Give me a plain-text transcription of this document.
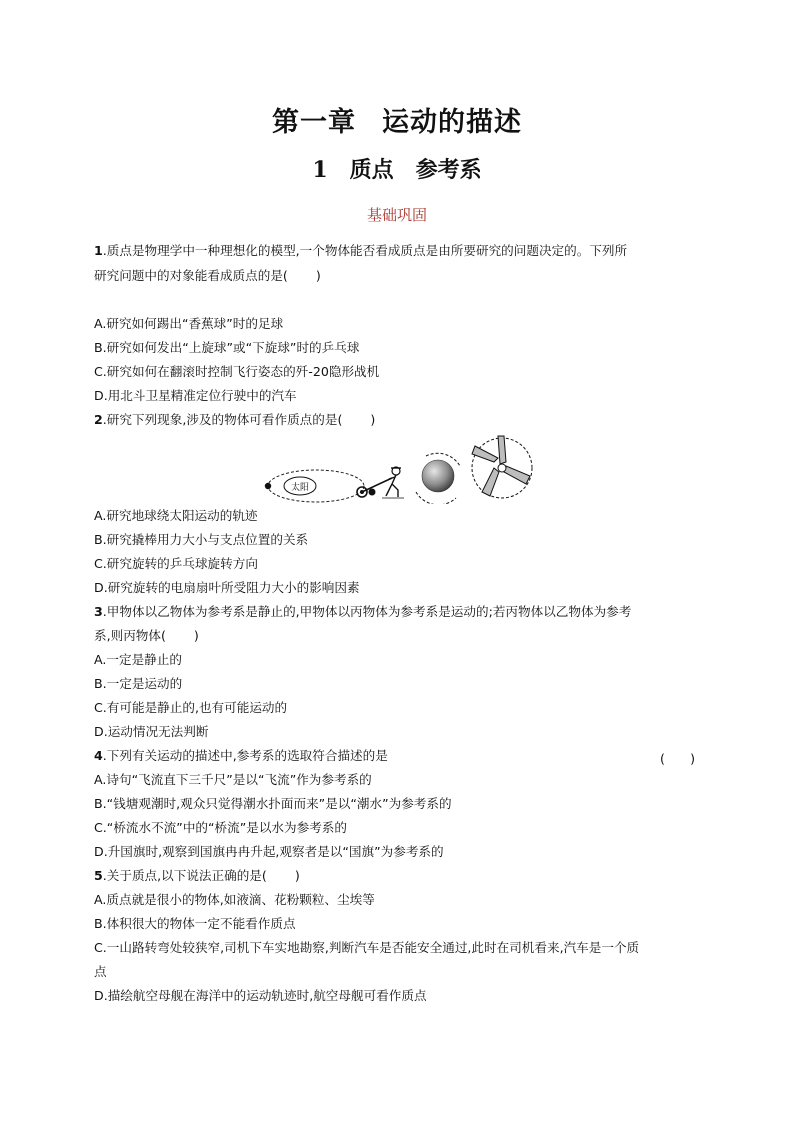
第一章 运动的描述
1 质点 参考系
基础巩固
1.质点是物理学中一种理想化的模型,一个物体能否看成质点是由所要研究的问题决定的。下列所
研究问题中的对象能看成质点的是( )
A.研究如何踢出“香蕉球”时的足球
B.研究如何发出“上旋球”或“下旋球”时的乒乓球
C.研究如何在翻滚时控制飞行姿态的歼-20隐形战机
D.用北斗卫星精准定位行驶中的汽车
2.研究下列现象,涉及的物体可看作质点的是( )
太阳
A.研究地球绕太阳运动的轨迹
B.研究撬棒用力大小与支点位置的关系
C.研究旋转的乒乓球旋转方向
D.研究旋转的电扇扇叶所受阻力大小的影响因素
3.甲物体以乙物体为参考系是静止的,甲物体以丙物体为参考系是运动的;若丙物体以乙物体为参考
系,则丙物体( )
A.一定是静止的
B.一定是运动的
C.有可能是静止的,也有可能运动的
D.运动情况无法判断
4.下列有关运动的描述中,参考系的选取符合描述的是	(　　)
A.诗句“飞流直下三千尺”是以“飞流”作为参考系的
B.“钱塘观潮时,观众只觉得潮水扑面而来”是以“潮水”为参考系的
C.“桥流水不流”中的“桥流”是以水为参考系的
D.升国旗时,观察到国旗冉冉升起,观察者是以“国旗”为参考系的
5.关于质点,以下说法正确的是( )
A.质点就是很小的物体,如液滴、花粉颗粒、尘埃等
B.体积很大的物体一定不能看作质点
C.一山路转弯处较狭窄,司机下车实地勘察,判断汽车是否能安全通过,此时在司机看来,汽车是一个质
点
D.描绘航空母舰在海洋中的运动轨迹时,航空母舰可看作质点
